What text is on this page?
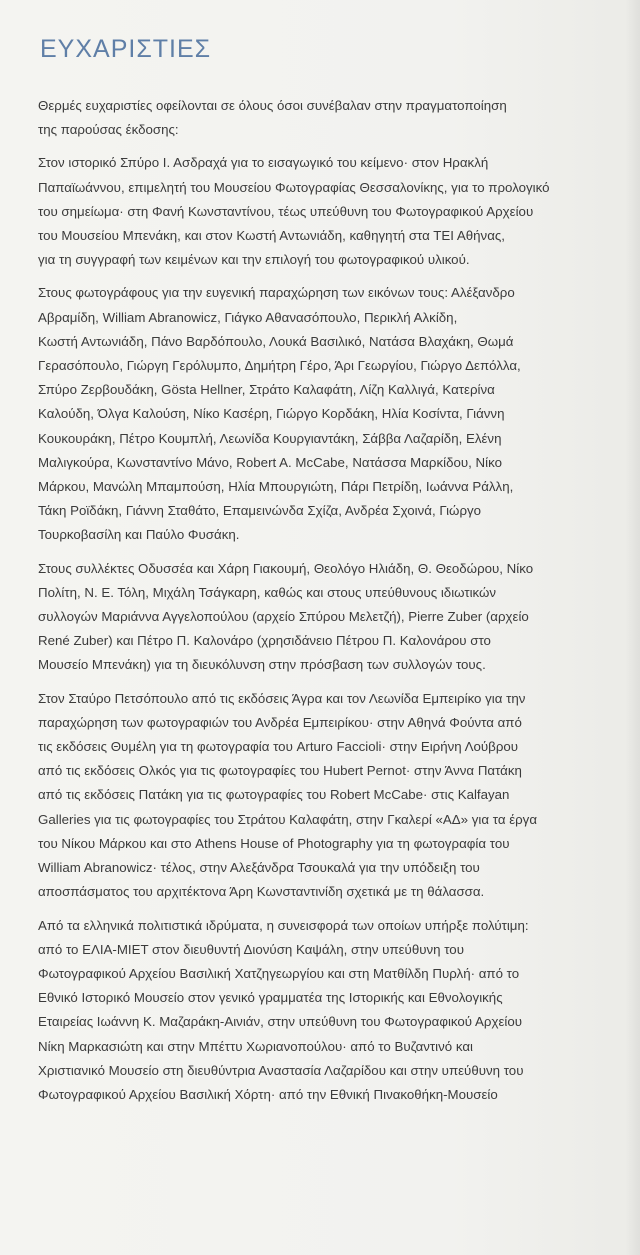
ΕΥΧΑΡΙΣΤΙΕΣ
Θερμές ευχαριστίες οφείλονται σε όλους όσοι συνέβαλαν στην πραγματοποίηση
της παρούσας έκδοσης:
Στον ιστορικό Σπύρο Ι. Ασδραχά για το εισαγωγικό του κείμενο· στον Ηρακλή
Παπαϊωάννου, επιμελητή του Μουσείου Φωτογραφίας Θεσσαλονίκης, για το προλογικό
του σημείωμα· στη Φανή Κωνσταντίνου, τέως υπεύθυνη του Φωτογραφικού Αρχείου
του Μουσείου Μπενάκη, και στον Κωστή Αντωνιάδη, καθηγητή στα ΤΕΙ Αθήνας,
για τη συγγραφή των κειμένων και την επιλογή του φωτογραφικού υλικού.
Στους φωτογράφους για την ευγενική παραχώρηση των εικόνων τους: Αλέξανδρο
Αβραμίδη, William Abranowicz, Γιάγκο Αθανασόπουλο, Περικλή Αλκίδη,
Κωστή Αντωνιάδη, Πάνο Βαρδόπουλο, Λουκά Βασιλικό, Νατάσα Βλαχάκη, Θωμά
Γερασόπουλο, Γιώργη Γερόλυμπο, Δημήτρη Γέρο, Άρι Γεωργίου, Γιώργο Δεπόλλα,
Σπύρο Ζερβουδάκη, Gösta Hellner, Στράτο Καλαφάτη, Λίζη Καλλιγά, Κατερίνα
Καλούδη, Όλγα Καλούση, Νίκο Κασέρη, Γιώργο Κορδάκη, Ηλία Κοσίντα, Γιάννη
Κουκουράκη, Πέτρο Κουμπλή, Λεωνίδα Κουργιαντάκη, Σάββα Λαζαρίδη, Ελένη
Μαλιγκούρα, Κωνσταντίνο Μάνο, Robert A. McCabe, Νατάσσα Μαρκίδου, Νίκο
Μάρκου, Μανώλη Μπαμπούση, Ηλία Μπουργιώτη, Πάρι Πετρίδη, Ιωάννα Ράλλη,
Τάκη Ροϊδάκη, Γιάννη Σταθάτο, Επαμεινώνδα Σχίζα, Ανδρέα Σχοινά, Γιώργο
Τουρκοβασίλη και Παύλο Φυσάκη.
Στους συλλέκτες Οδυσσέα και Χάρη Γιακουμή, Θεολόγο Ηλιάδη, Θ. Θεοδώρου, Νίκο
Πολίτη, Ν. Ε. Τόλη, Μιχάλη Τσάγκαρη, καθώς και στους υπεύθυνους ιδιωτικών
συλλογών Μαριάννα Αγγελοπούλου (αρχείο Σπύρου Μελετζή), Pierre Zuber (αρχείο
René Zuber) και Πέτρο Π. Καλονάρο (χρησιδάνειο Πέτρου Π. Καλονάρου στο
Μουσείο Μπενάκη) για τη διευκόλυνση στην πρόσβαση των συλλογών τους.
Στον Σταύρο Πετσόπουλο από τις εκδόσεις Άγρα και τον Λεωνίδα Εμπειρίκο για την
παραχώρηση των φωτογραφιών του Ανδρέα Εμπειρίκου· στην Αθηνά Φούντα από
τις εκδόσεις Θυμέλη για τη φωτογραφία του Arturo Faccioli· στην Ειρήνη Λούβρου
από τις εκδόσεις Ολκός για τις φωτογραφίες του Hubert Pernot· στην Άννα Πατάκη
από τις εκδόσεις Πατάκη για τις φωτογραφίες του Robert McCabe· στις Kalfayan
Galleries για τις φωτογραφίες του Στράτου Καλαφάτη, στην Γκαλερί «ΑΔ» για τα έργα
του Νίκου Μάρκου και στο Athens House of Photography για τη φωτογραφία του
William Abranowicz· τέλος, στην Αλεξάνδρα Τσουκαλά για την υπόδειξη του
αποσπάσματος του αρχιτέκτονα Άρη Κωνσταντινίδη σχετικά με τη θάλασσα.
Από τα ελληνικά πολιτιστικά ιδρύματα, η συνεισφορά των οποίων υπήρξε πολύτιμη:
από το ΕΛΙΑ-ΜΙΕΤ στον διευθυντή Διονύση Καψάλη, στην υπεύθυνη του
Φωτογραφικού Αρχείου Βασιλική Χατζηγεωργίου και στη Ματθίλδη Πυρλή· από το
Εθνικό Ιστορικό Μουσείο στον γενικό γραμματέα της Ιστορικής και Εθνολογικής
Εταιρείας Ιωάννη Κ. Μαζαράκη-Αινιάν, στην υπεύθυνη του Φωτογραφικού Αρχείου
Νίκη Μαρκασιώτη και στην Μπέττυ Χωριανοπούλου· από το Βυζαντινό και
Χριστιανικό Μουσείο στη διευθύντρια Αναστασία Λαζαρίδου και στην υπεύθυνη του
Φωτογραφικού Αρχείου Βασιλική Χόρτη· από την Εθνική Πινακοθήκη-Μουσείο
